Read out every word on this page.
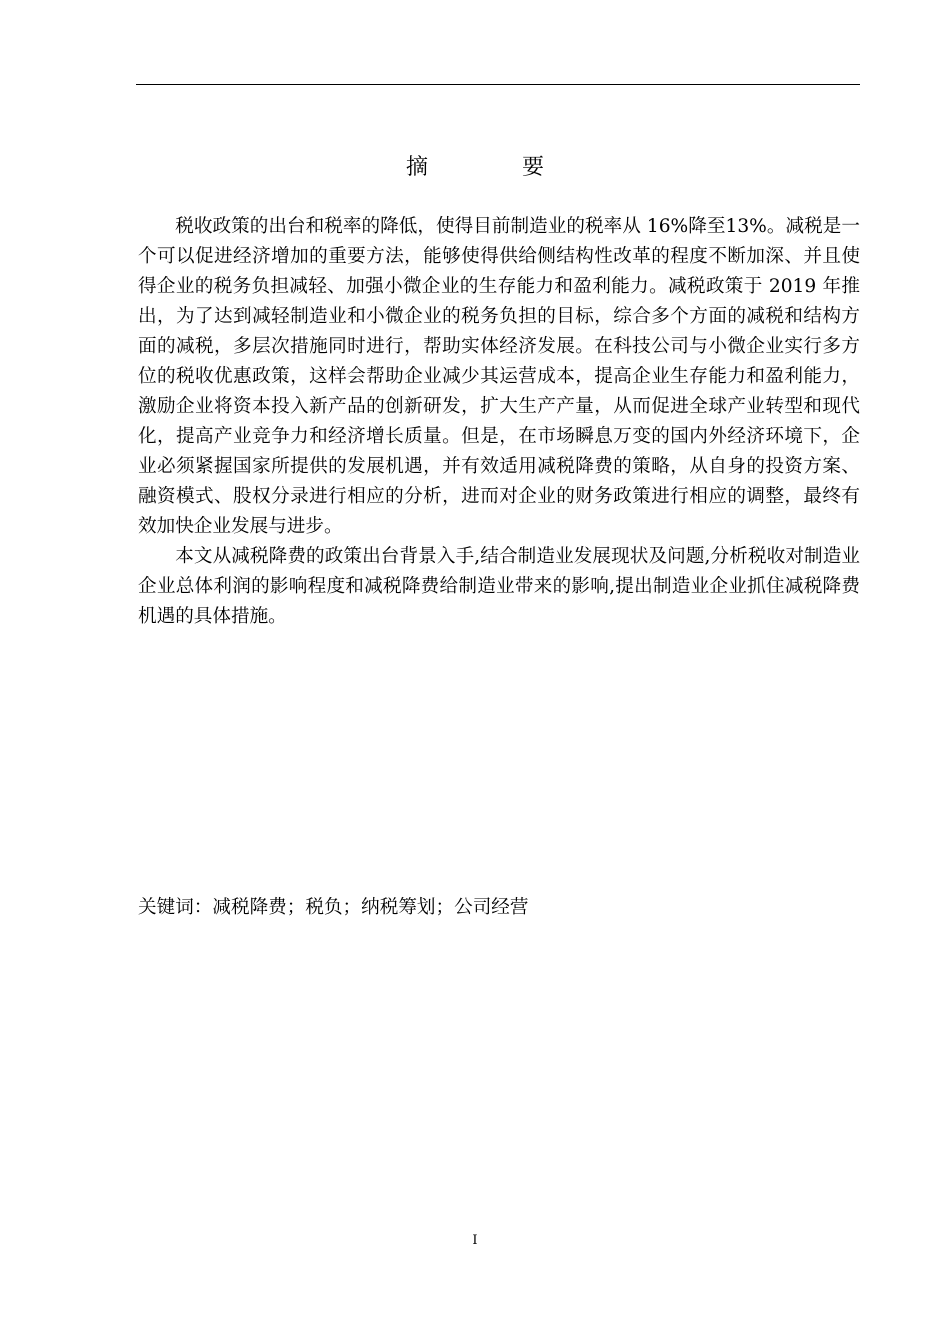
摘　要

税收政策的出台和税率的降低，使得目前制造业的税率从 16%降至13%。减税是一个可以促进经济增加的重要方法，能够使得供给侧结构性改革的程度不断加深、并且使得企业的税务负担减轻、加强小微企业的生存能力和盈利能力。减税政策于 2019 年推出，为了达到减轻制造业和小微企业的税务负担的目标，综合多个方面的减税和结构方面的减税，多层次措施同时进行，帮助实体经济发展。在科技公司与小微企业实行多方位的税收优惠政策，这样会帮助企业减少其运营成本，提高企业生存能力和盈利能力，激励企业将资本投入新产品的创新研发，扩大生产产量，从而促进全球产业转型和现代化，提高产业竞争力和经济增长质量。但是，在市场瞬息万变的国内外经济环境下，企业必须紧握国家所提供的发展机遇，并有效适用减税降费的策略，从自身的投资方案、融资模式、股权分录进行相应的分析，进而对企业的财务政策进行相应的调整，最终有效加快企业发展与进步。

本文从减税降费的政策出台背景入手,结合制造业发展现状及问题,分析税收对制造业企业总体利润的影响程度和减税降费给制造业带来的影响,提出制造业企业抓住减税降费机遇的具体措施。

关键词：减税降费；税负；纳税筹划；公司经营
I
